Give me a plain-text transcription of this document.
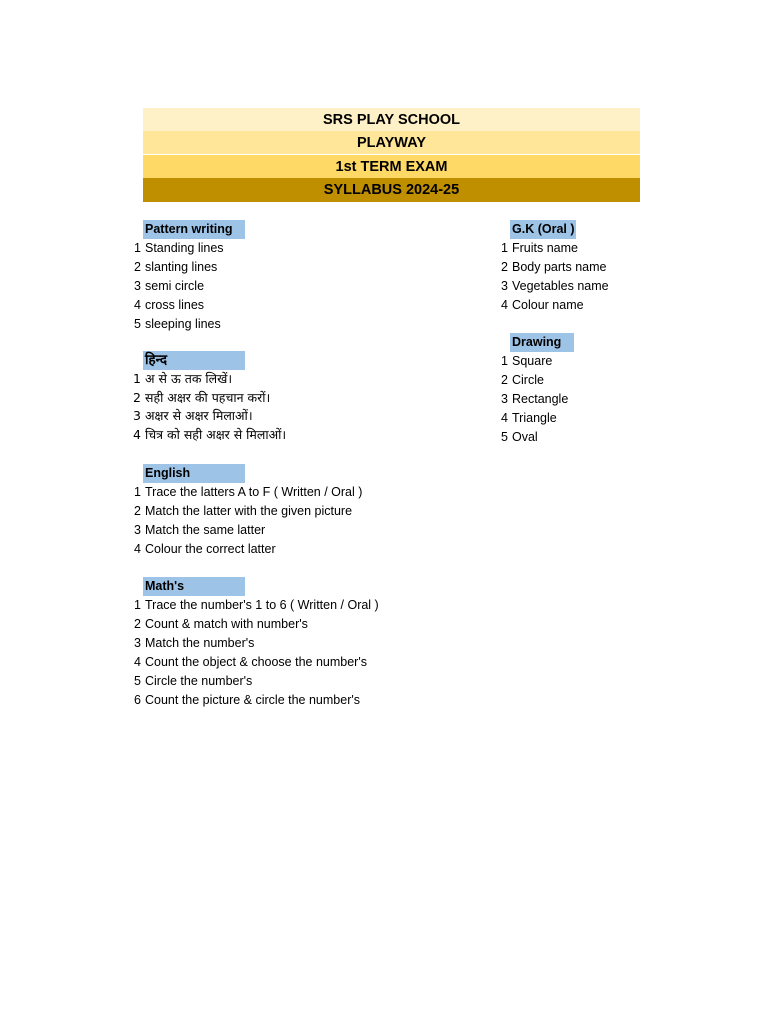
SRS PLAY SCHOOL
PLAYWAY
1st TERM EXAM
SYLLABUS 2024-25
Pattern writing
1 Standing lines
2 slanting lines
3 semi circle
4 cross lines
5 sleeping lines
हिन्द
1 अ से ऊ तक लिखें।
2 सही अक्षर की पहचान करों।
3 अक्षर से अक्षर मिलाओं।
4 चित्र को सही अक्षर से मिलाओं।
English
1 Trace the latters A to F ( Written / Oral )
2 Match the latter with the given picture
3 Match the same latter
4 Colour the correct latter
Math's
1 Trace the number's 1 to 6 ( Written / Oral )
2 Count & match with number's
3 Match the number's
4 Count the object & choose the number's
5 Circle the number's
6 Count the picture & circle the number's
G.K (Oral )
1 Fruits name
2 Body parts name
3 Vegetables name
4 Colour name
Drawing
1 Square
2 Circle
3 Rectangle
4 Triangle
5 Oval
